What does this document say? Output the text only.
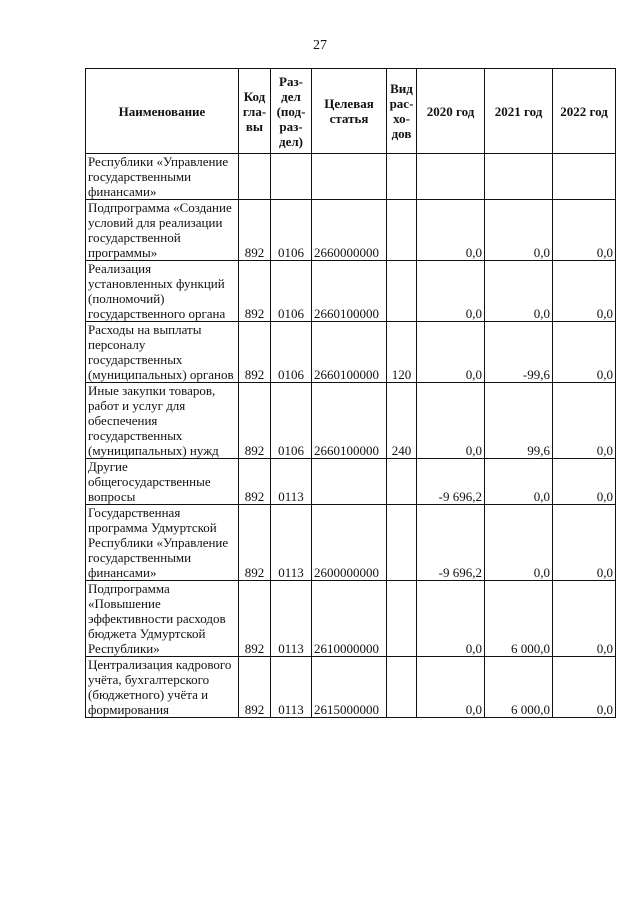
27
Наименование	Код гла- вы	Раз- дел (под- раз- дел)	Целевая статья	Вид рас- хо- дов	2020 год	2021 год	2022 год
Республики «Управление государственными финансами»							
Подпрограмма «Создание условий для реализации государственной программы»	892	0106	2660000000		0,0	0,0	0,0
Реализация установленных функций (полномочий) государственного органа	892	0106	2660100000		0,0	0,0	0,0
Расходы на выплаты персоналу государственных (муниципальных) органов	892	0106	2660100000	120	0,0	-99,6	0,0
Иные закупки товаров, работ и услуг для обеспечения государственных (муниципальных) нужд	892	0106	2660100000	240	0,0	99,6	0,0
Другие общегосударственные вопросы	892	0113			-9 696,2	0,0	0,0
Государственная программа Удмуртской Республики «Управление государственными финансами»	892	0113	2600000000		-9 696,2	0,0	0,0
Подпрограмма «Повышение эффективности расходов бюджета Удмуртской Республики»	892	0113	2610000000		0,0	6 000,0	0,0
Централизация кадрового учёта, бухгалтерского (бюджетного) учёта и формирования	892	0113	2615000000		0,0	6 000,0	0,0
